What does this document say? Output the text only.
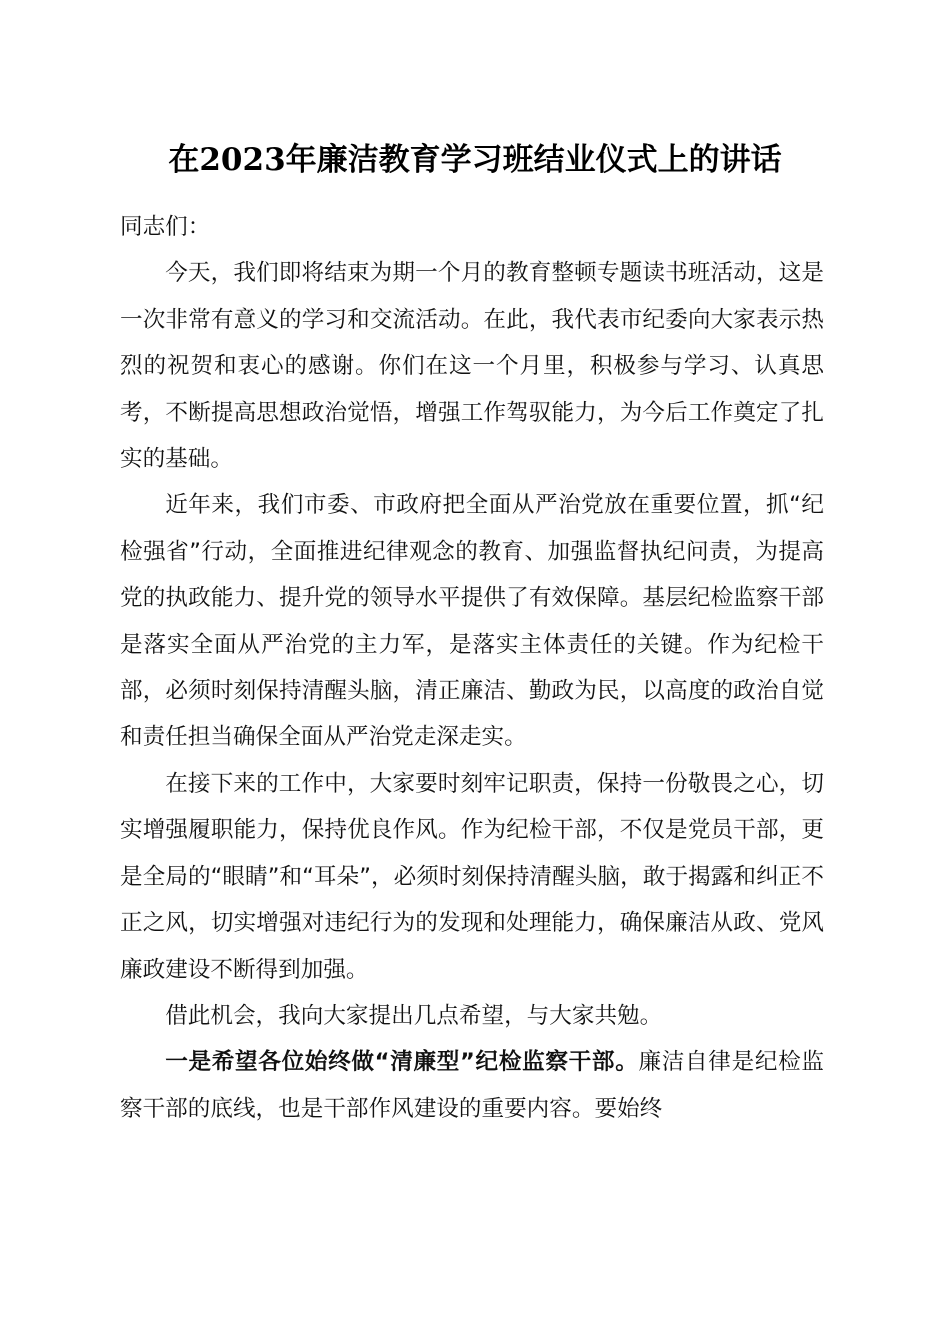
在2023年廉洁教育学习班结业仪式上的讲话

同志们：

今天，我们即将结束为期一个月的教育整顿专题读书班活动，这是一次非常有意义的学习和交流活动。在此，我代表市纪委向大家表示热烈的祝贺和衷心的感谢。你们在这一个月里，积极参与学习、认真思考，不断提高思想政治觉悟，增强工作驾驭能力，为今后工作奠定了扎实的基础。

近年来，我们市委、市政府把全面从严治党放在重要位置，抓“纪检强省”行动，全面推进纪律观念的教育、加强监督执纪问责，为提高党的执政能力、提升党的领导水平提供了有效保障。基层纪检监察干部是落实全面从严治党的主力军，是落实主体责任的关键。作为纪检干部，必须时刻保持清醒头脑，清正廉洁、勤政为民，以高度的政治自觉和责任担当确保全面从严治党走深走实。

在接下来的工作中，大家要时刻牢记职责，保持一份敬畏之心，切实增强履职能力，保持优良作风。作为纪检干部，不仅是党员干部，更是全局的“眼睛”和“耳朵”，必须时刻保持清醒头脑，敢于揭露和纠正不正之风，切实增强对违纪行为的发现和处理能力，确保廉洁从政、党风廉政建设不断得到加强。

借此机会，我向大家提出几点希望，与大家共勉。

一是希望各位始终做“清廉型”纪检监察干部。廉洁自律是纪检监察干部的底线，也是干部作风建设的重要内容。要始终
